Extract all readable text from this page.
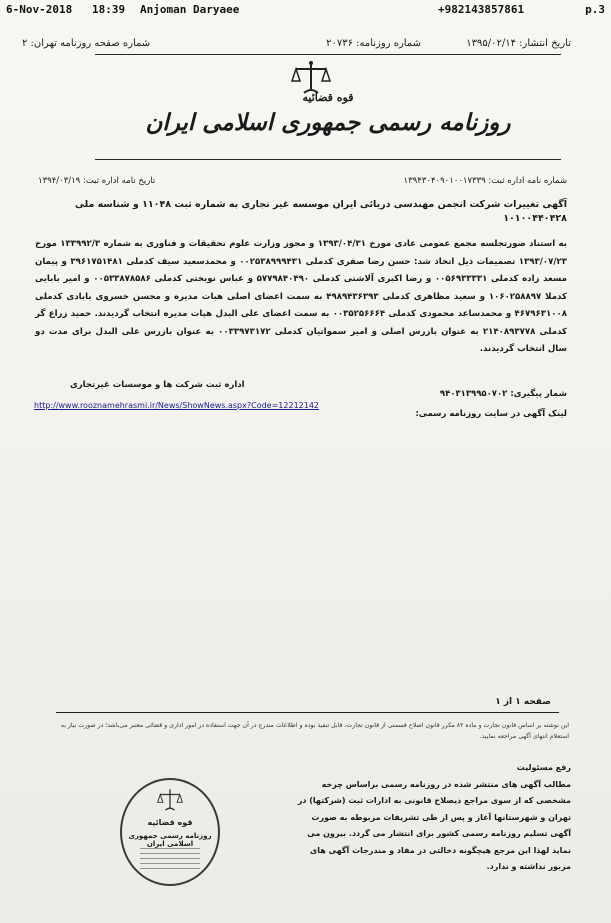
6-Nov-2018 18:39 Anjoman Daryaee	+982143857861	p.3
تاریخ انتشار: ۱۳۹۵/۰۲/۱۴
شماره روزنامه: ۲۰۷۳۶
شماره صفحه روزنامه تهران: ۲
قوه قضائیه
روزنامه رسمی جمهوری اسلامی ایران
شماره نامه اداره ثبت: ۱۳۹۴۳۰۴۰۹۰۱۰۰۱۷۳۳۹
تاریخ نامه اداره ثبت: ۱۳۹۴/۰۳/۱۹
آگهی تغییرات شرکت انجمن مهندسی دریائی ایران موسسه غیر تجاری به شماره ثبت ۱۱۰۴۸ و شناسه ملی ۱۰۱۰۰۴۴۰۴۲۸
به استناد صورتجلسه مجمع عمومی عادی مورخ ۱۳۹۳/۰۴/۳۱ و مجوز وزارت علوم تحقیقات و فناوری به شماره ۱۳۳۹۹۲/۳ مورخ ۱۳۹۳/۰۷/۲۳ تصمیمات ذیل اتخاذ شد: حسن رضا صفری کدملی ۰۰۲۵۳۸۹۹۹۴۳۱ و محمدسعید سیف کدملی ۳۹۶۱۷۵۱۴۸۱ و پیمان مسعد زاده کدملی ۰۰۵۶۹۳۳۳۳۱ و رضا اکبری آلاشتی کدملی ۵۷۷۹۸۴۰۴۹۰ و عباس نوبختی کدملی ۰۰۵۳۳۸۷۸۵۸۶ و امیر بابایی کدملا ۱۰۶۰۲۵۸۸۹۷ و سعید مظاهری کدملی ۴۹۸۹۴۳۶۳۹۳ به سمت اعضای اصلی هیات مدیره و محسن خسروی بابادی کدملی ۴۶۷۹۶۳۱۰۰۸ و محمدساعد محمودی کدملی ۰۰۳۵۲۵۶۶۶۴ به سمت اعضای علی البدل هیات مدیره انتخاب گردیدند. حمید زراع گر کدملی ۲۱۴۰۸۹۳۷۷۸ به عنوان بازرس اصلی و امیر سمواتیان کدملی ۰۰۳۳۹۷۳۱۷۲ به عنوان بازرس علی البدل برای مدت دو سال انتخاب گردیدند.
اداره ثبت شرکت ها و موسسات غیرتجاری
شمار پیگیری: ۹۴۰۳۱۳۹۹۵۰۷۰۲
لینک آگهی در سایت روزنامه رسمی:
http://www.rooznamehrasmi.ir/News/ShowNews.aspx?Code=12212142
صفحه ۱ از ۱
این نوشته بر اساس قانون تجارت و ماده ۸۲ مکرر قانون اصلاح قسمتی از قانون تجارت، قابل تنفیذ بوده و اطلاعات مندرج در آن جهت استفاده در امور اداری و قضائی معتبر می‌باشد؛ در صورت نیاز به استعلام انتهای آگهی مراجعه نمایید.
رفع مسئولیت
مطالب آگهی های منتشر شده در روزنامه رسمی براساس چرخه مشخصی که از سوی مراجع ذیصلاح قانونی به ادارات ثبت (شرکتها) در تهران و شهرستانها آغاز و پس از طی تشریفات مربوطه به صورت آگهی تسلیم روزنامه رسمی کشور برای انتشار می گردد. بیرون می نماید لهذا این مرجع هیچگونه دخالتی در مفاد و مندرجات آگهی های مزبور نداشته و ندارد.
قوه قضائیه
روزنامه رسمی جمهوری اسلامی ایران
